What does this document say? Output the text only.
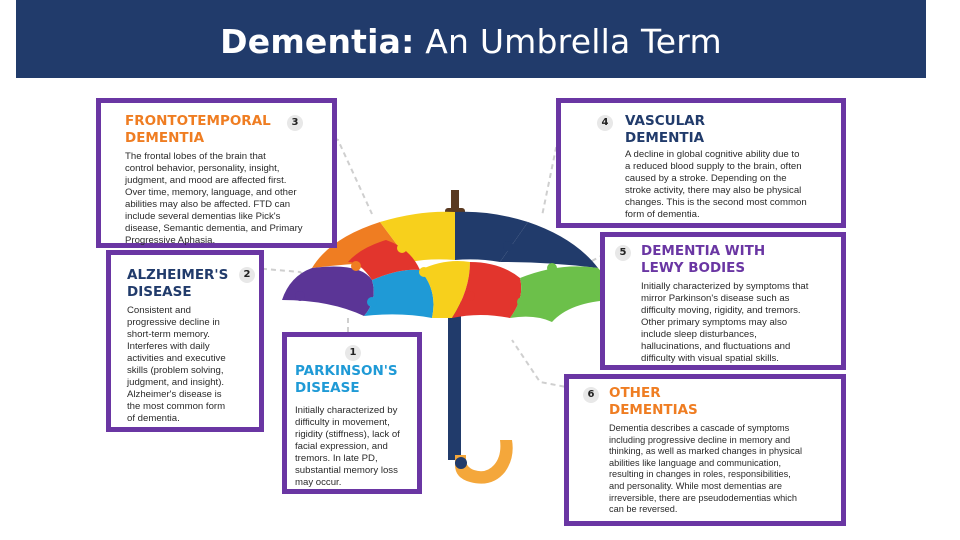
Dementia: An Umbrella Term
FRONTOTEMPORAL
DEMENTIA
3
The frontal lobes of the brain that
control behavior, personality, insight,
judgment, and mood are affected first.
Over time, memory, language, and other
abilities may also be affected. FTD can
include several dementias like Pick's
disease, Semantic dementia, and Primary
Progressive Aphasia.
4	VASCULAR
DEMENTIA
A decline in global cognitive ability due to
a reduced blood supply to the brain, often
caused by a stroke. Depending on the
stroke activity, there may also be physical
changes. This is the second most common
form of dementia.
ALZHEIMER'S
DISEASE
2
Consistent and
progressive decline in
short-term memory.
Interferes with daily
activities and executive
skills (problem solving,
judgment, and insight).
Alzheimer's disease is
the most common form
of dementia.
1
PARKINSON'S
DISEASE
Initially characterized by
difficulty in movement,
rigidity (stiffness), lack of
facial expression, and
tremors. In late PD,
substantial memory loss
may occur.
5	DEMENTIA WITH
LEWY BODIES
Initially characterized by symptoms that
mirror Parkinson's disease such as
difficulty moving, rigidity, and tremors.
Other primary symptoms may also
include sleep disturbances,
hallucinations, and fluctuations and
difficulty with visual spatial skills.
6	OTHER
DEMENTIAS
Dementia describes a cascade of symptoms
including progressive decline in memory and
thinking, as well as marked changes in physical
abilities like language and communication,
resulting in changes in roles, responsibilities,
and personality. While most dementias are
irreversible, there are pseudodementias which
can be reversed.
